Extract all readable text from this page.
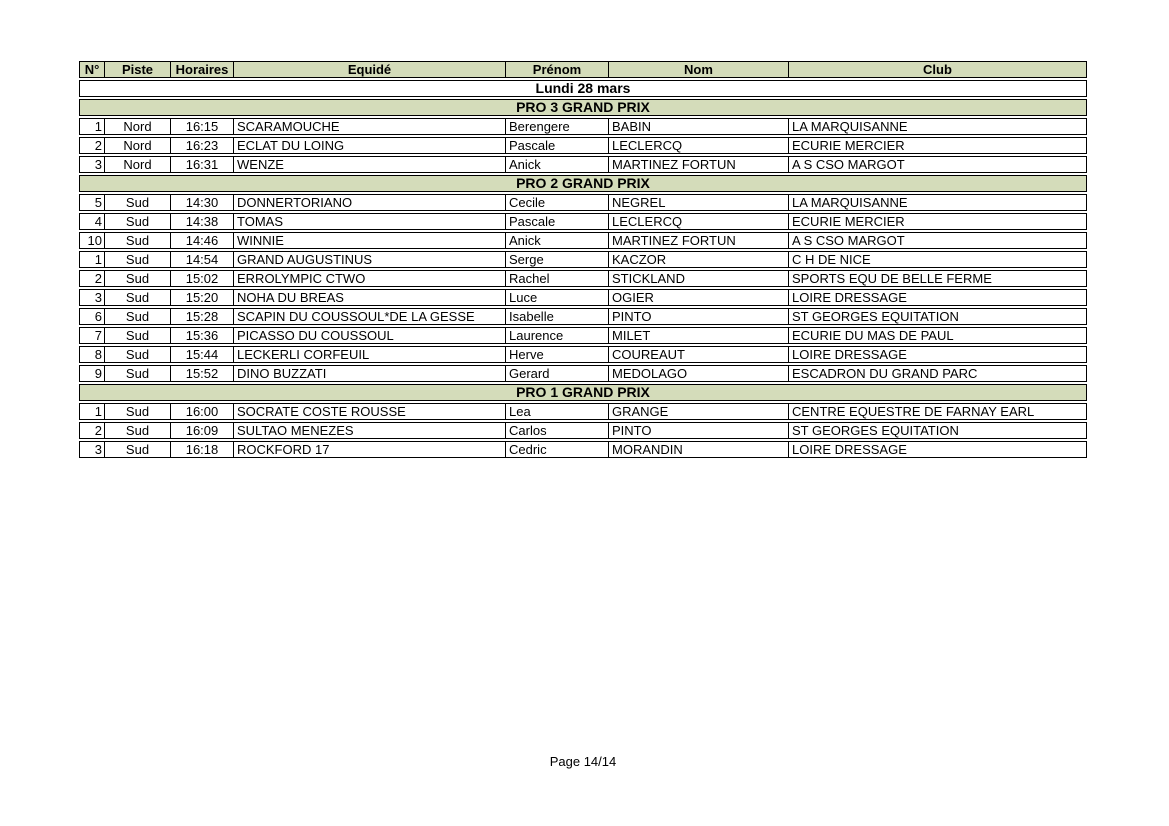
N°	Piste	Horaires	Equidé	Prénom	Nom	Club
Lundi 28 mars						
PRO 3 GRAND PRIX						
1	Nord	16:15	SCARAMOUCHE	Berengere	BABIN	LA MARQUISANNE
2	Nord	16:23	ECLAT DU LOING	Pascale	LECLERCQ	ECURIE MERCIER
3	Nord	16:31	WENZE	Anick	MARTINEZ FORTUN	A S CSO MARGOT
PRO 2 GRAND PRIX						
5	Sud	14:30	DONNERTORIANO	Cecile	NEGREL	LA MARQUISANNE
4	Sud	14:38	TOMAS	Pascale	LECLERCQ	ECURIE MERCIER
10	Sud	14:46	WINNIE	Anick	MARTINEZ FORTUN	A S CSO MARGOT
1	Sud	14:54	GRAND AUGUSTINUS	Serge	KACZOR	C H DE NICE
2	Sud	15:02	ERROLYMPIC CTWO	Rachel	STICKLAND	SPORTS EQU DE BELLE FERME
3	Sud	15:20	NOHA DU BREAS	Luce	OGIER	LOIRE DRESSAGE
6	Sud	15:28	SCAPIN DU COUSSOUL*DE LA GESSE	Isabelle	PINTO	ST GEORGES EQUITATION
7	Sud	15:36	PICASSO DU COUSSOUL	Laurence	MILET	ECURIE DU MAS DE PAUL
8	Sud	15:44	LECKERLI CORFEUIL	Herve	COUREAUT	LOIRE DRESSAGE
9	Sud	15:52	DINO BUZZATI	Gerard	MEDOLAGO	ESCADRON DU GRAND PARC
PRO 1 GRAND PRIX						
1	Sud	16:00	SOCRATE COSTE ROUSSE	Lea	GRANGE	CENTRE EQUESTRE DE FARNAY EARL
2	Sud	16:09	SULTAO MENEZES	Carlos	PINTO	ST GEORGES EQUITATION
3	Sud	16:18	ROCKFORD 17	Cedric	MORANDIN	LOIRE DRESSAGE
Page 14/14
